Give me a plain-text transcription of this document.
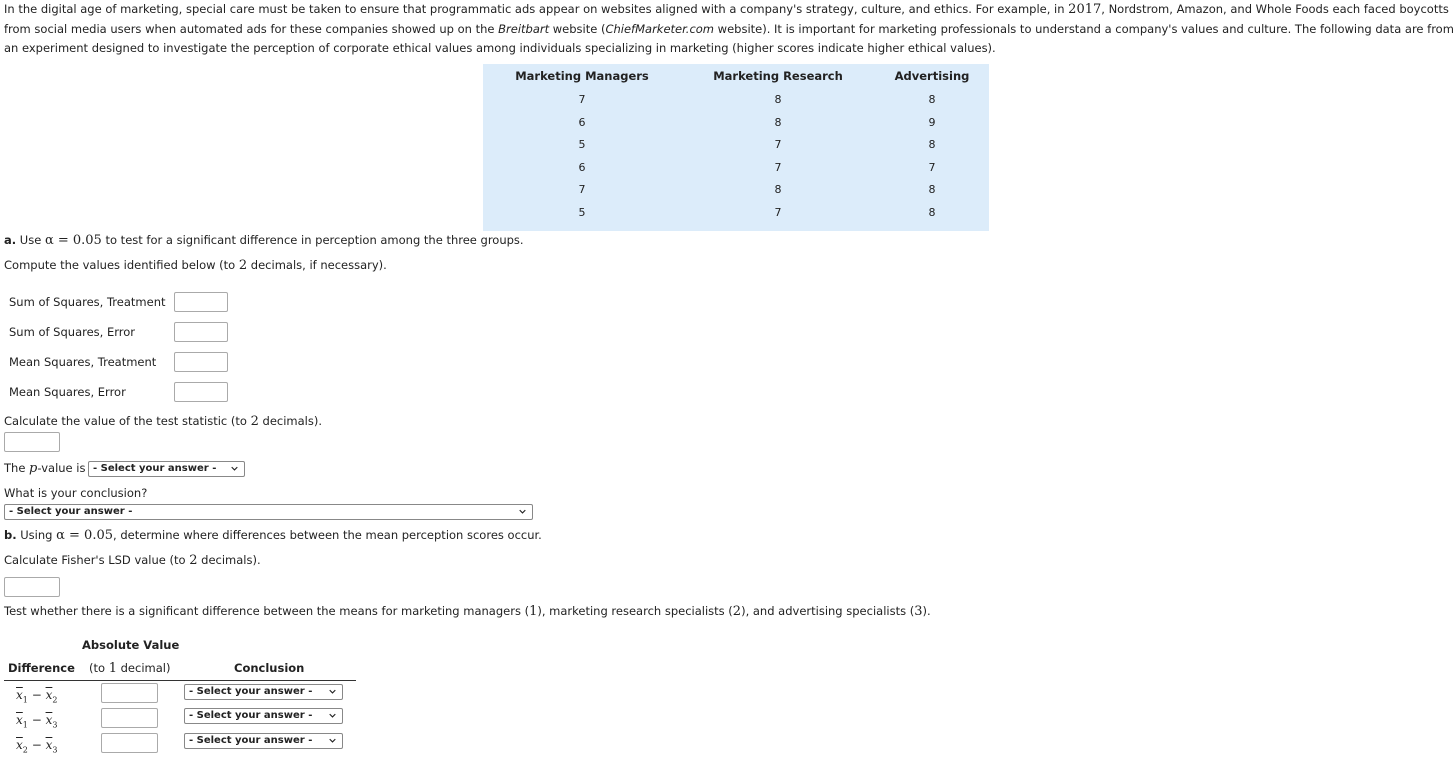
In the digital age of marketing, special care must be taken to ensure that programmatic ads appear on websites aligned with a company's strategy, culture, and ethics. For example, in 2017, Nordstrom, Amazon, and Whole Foods each faced boycotts from social media users when automated ads for these companies showed up on the Breitbart website (ChiefMarketer.com website). It is important for marketing professionals to understand a company's values and culture. The following data are from an experiment designed to investigate the perception of corporate ethical values among individuals specializing in marketing (higher scores indicate higher ethical values).
Marketing Managers
7
6
5
6
7
5
Marketing Research
8
8
7
7
8
7
Advertising
8
9
8
7
8
8
a. Use α = 0.05 to test for a significant difference in perception among the three groups.
Compute the values identified below (to 2 decimals, if necessary).
Sum of Squares, Treatment
Sum of Squares, Error
Mean Squares, Treatment
Mean Squares, Error
Calculate the value of the test statistic (to 2 decimals).
The p-value is - Select your answer -
What is your conclusion?
- Select your answer -
b. Using α = 0.05, determine where differences between the mean perception scores occur.
Calculate Fisher's LSD value (to 2 decimals).
Test whether there is a significant difference between the means for marketing managers (1), marketing research specialists (2), and advertising specialists (3).
Absolute Value
Difference (to 1 decimal)	Conclusion
$\overline{x}_1 - \overline{x}_2$
- Select your answer -
$\overline{x}_1 - \overline{x}_3$
- Select your answer -
$\overline{x}_2 - \overline{x}_3$
- Select your answer -
